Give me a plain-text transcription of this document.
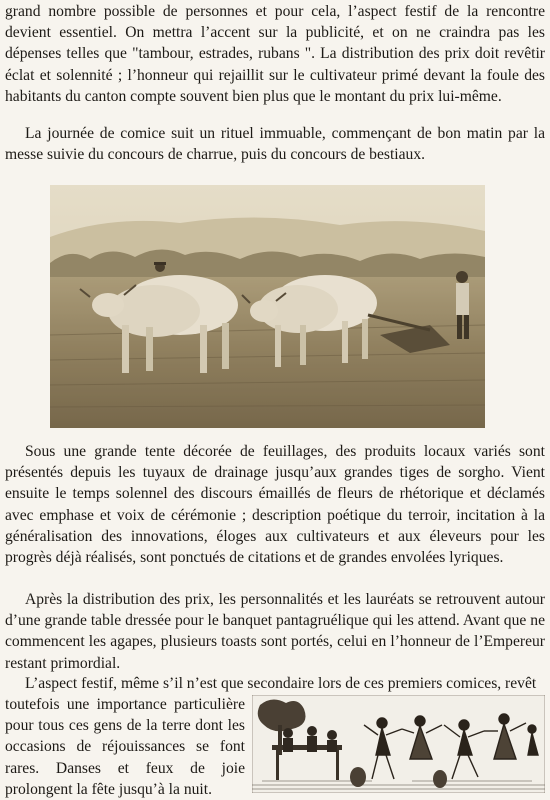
grand nombre possible de personnes et pour cela, l’aspect festif de la rencontre devient essentiel. On mettra l’accent sur la publicité, et on ne craindra pas les dépenses telles que "tambour, estrades, rubans ". La distribution des prix doit revêtir éclat et solennité ; l’honneur qui rejaillit sur le cultivateur primé devant la foule des habitants du canton compte souvent bien plus que le montant du prix lui-même.

La journée de comice suit un rituel immuable, commençant de bon matin par la messe suivie du concours de charrue, puis du concours de bestiaux.

Sous une grande tente décorée de feuillages, des produits locaux variés sont présentés depuis les tuyaux de drainage jusqu’aux grandes tiges de sorgho. Vient ensuite le temps solennel des discours émaillés de fleurs de rhétorique et déclamés avec emphase et voix de cérémonie ; description poétique du terroir, incitation à la généralisation des innovations, éloges aux cultivateurs et aux éleveurs pour les progrès déjà réalisés, sont ponctués de citations et de grandes envolées lyriques.

Après la distribution des prix, les personnalités et les lauréats se retrouvent autour d’une grande table dressée pour le banquet pantagruélique qui les attend. Avant que ne commencent les agapes, plusieurs toasts sont portés, celui en l’honneur de l’Empereur restant primordial.

L’aspect festif, même s’il n’est que secondaire lors de ces premiers comices, revêt

toutefois une importance particulière pour tous ces gens de la terre dont les occasions de réjouissances se font rares. Danses et feux de joie prolongent la fête jusqu’à la nuit.
